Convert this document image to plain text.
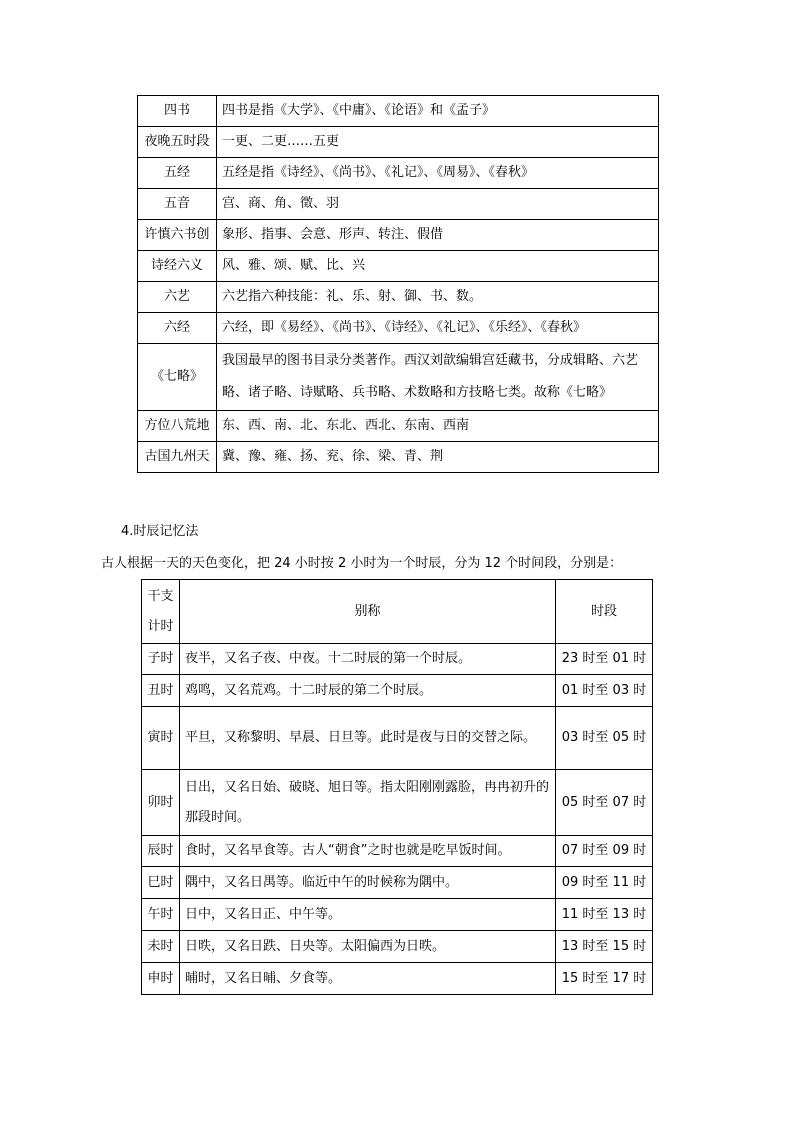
四书	四书是指《大学》、《中庸》、《论语》和《孟子》
夜晚五时段	一更、二更……五更
五经	五经是指《诗经》、《尚书》、《礼记》、《周易》、《春秋》
五音	宫、商、角、徵、羽
许慎六书创	象形、指事、会意、形声、转注、假借
诗经六义	风、雅、颂、赋、比、兴
六艺	六艺指六种技能：礼、乐、射、御、书、数。
六经	六经，即《易经》、《尚书》、《诗经》、《礼记》、《乐经》、《春秋》
《七略》	我国最早的图书目录分类著作。西汉刘歆编辑宫廷藏书，分成辑略、六艺略、诸子略、诗赋略、兵书略、术数略和方技略七类。故称《七略》
方位八荒地	东、西、南、北、东北、西北、东南、西南
古国九州天	冀、豫、雍、扬、兖、徐、梁、青、荆
4.时辰记忆法
古人根据一天的天色变化，把 24 小时按 2 小时为一个时辰，分为 12 个时间段，分别是：
干支计时	别称	时段
子时	夜半，又名子夜、中夜。十二时辰的第一个时辰。	23 时至 01 时
丑时	鸡鸣，又名荒鸡。十二时辰的第二个时辰。	01 时至 03 时
寅时	平旦，又称黎明、早晨、日旦等。此时是夜与日的交替之际。	03 时至 05 时
卯时	日出，又名日始、破晓、旭日等。指太阳刚刚露脸，冉冉初升的那段时间。	05 时至 07 时
辰时	食时，又名早食等。古人“朝食”之时也就是吃早饭时间。	07 时至 09 时
巳时	隅中，又名日禺等。临近中午的时候称为隅中。	09 时至 11 时
午时	日中，又名日正、中午等。	11 时至 13 时
未时	日昳，又名日跌、日央等。太阳偏西为日昳。	13 时至 15 时
申时	晡时，又名日晡、夕食等。	15 时至 17 时
